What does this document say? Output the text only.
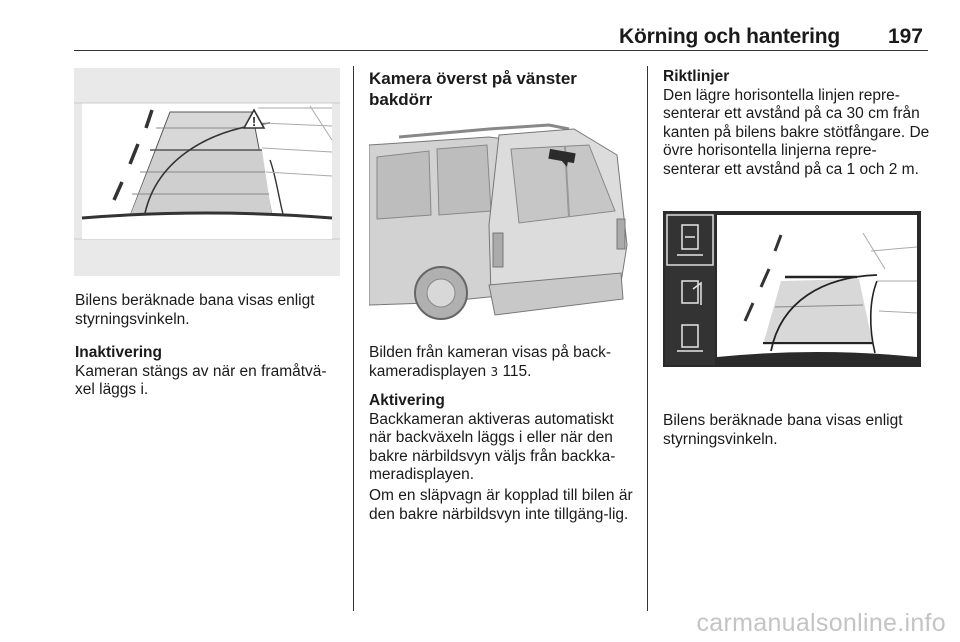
Körning och hantering 197
!

Bilens beräknade bana visas enligt styrningsvinkeln.

Inaktivering
Kameran stängs av när en framåtvä-xel läggs i.
Kamera överst på vänster bakdörr

Bilden från kameran visas på back-kameradisplayen 3 115.

Aktivering
Backkameran aktiveras automatiskt när backväxeln läggs i eller när den bakre närbildsvyn väljs från backka-meradisplayen.

Om en släpvagn är kopplad till bilen är den bakre närbildsvyn inte tillgäng-lig.

Riktlinjer
Den lägre horisontella linjen repre-senterar ett avstånd på ca 30 cm från kanten på bilens bakre stötfångare. De övre horisontella linjerna repre-senterar ett avstånd på ca 1 och 2 m.

Bilens beräknade bana visas enligt styrningsvinkeln.

carmanualsonline.info
